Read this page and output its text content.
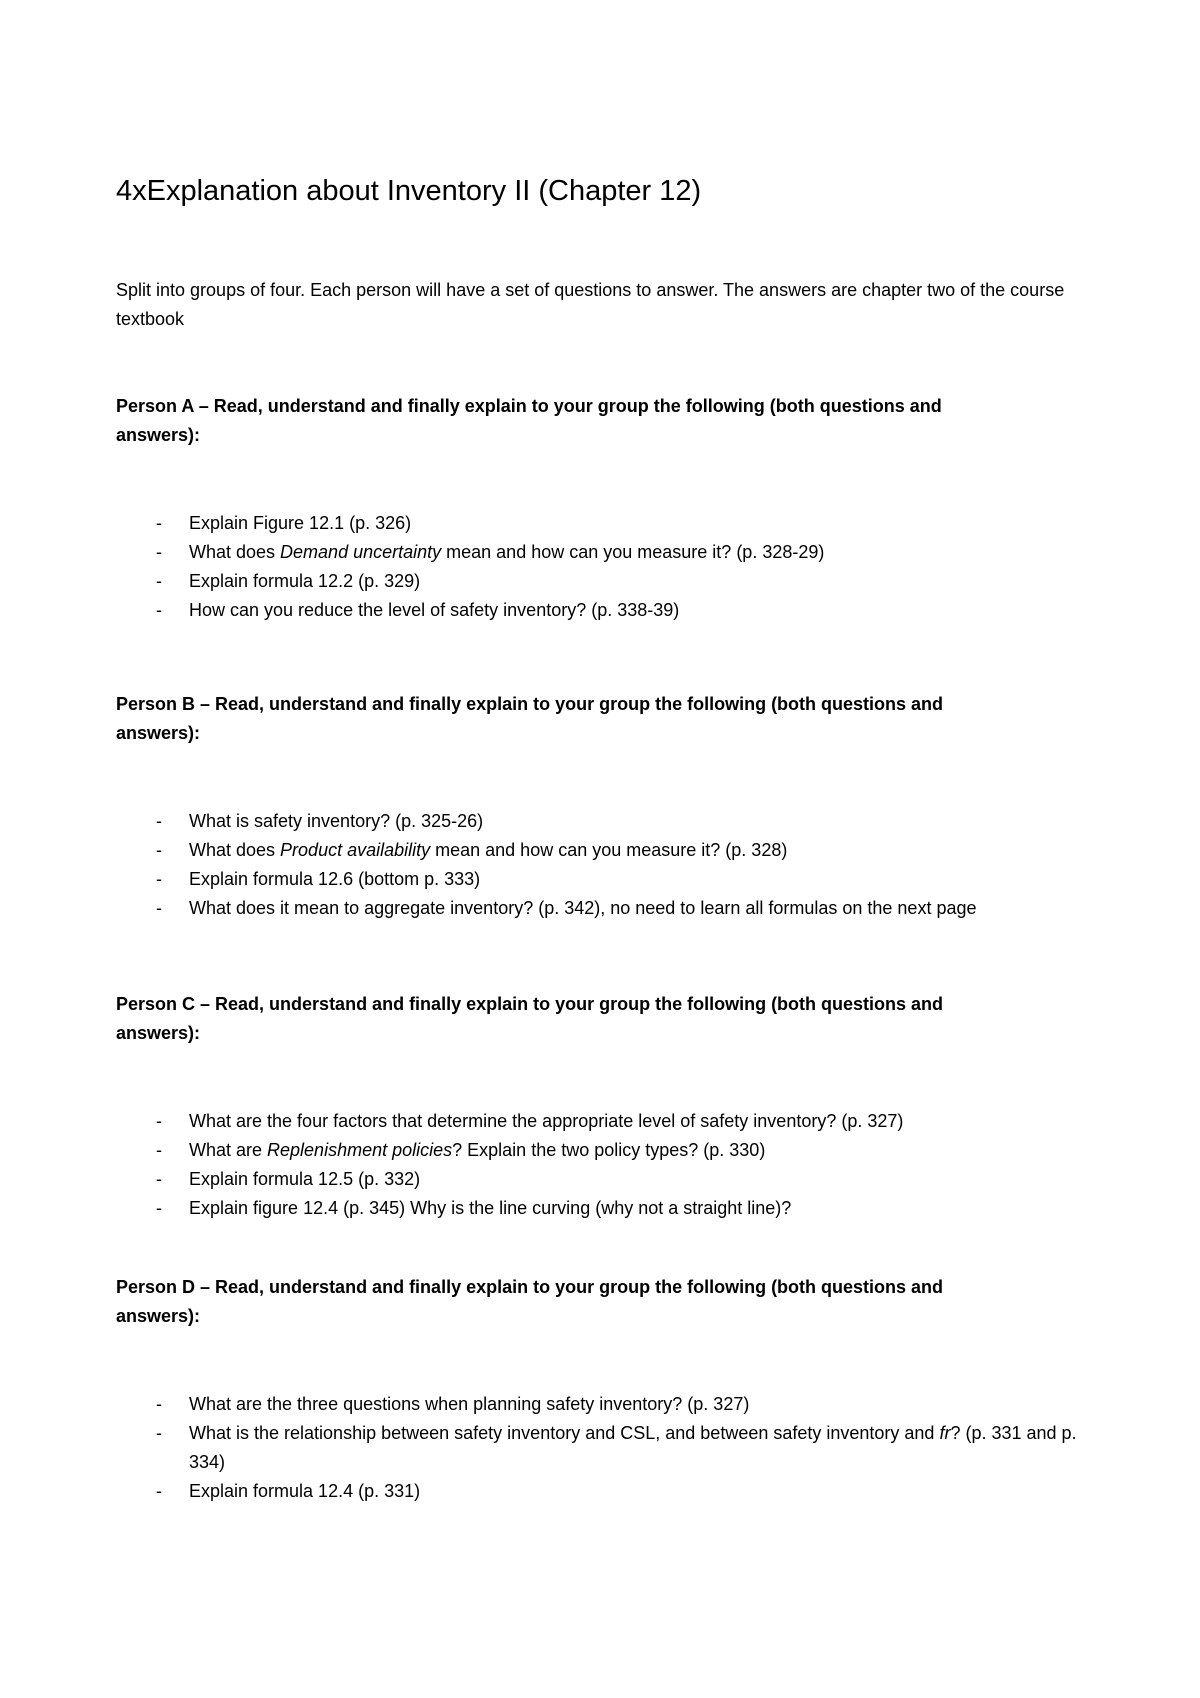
4xExplanation about Inventory II (Chapter 12)
Split into groups of four. Each person will have a set of questions to answer. The answers are chapter two of the course textbook

Person A – Read, understand and finally explain to your group the following (both questions and answers):

- Explain Figure 12.1 (p. 326)
- What does Demand uncertainty mean and how can you measure it? (p. 328-29)
- Explain formula 12.2 (p. 329)
- How can you reduce the level of safety inventory? (p. 338-39)

Person B – Read, understand and finally explain to your group the following (both questions and answers):

- What is safety inventory? (p. 325-26)
- What does Product availability mean and how can you measure it? (p. 328)
- Explain formula 12.6 (bottom p. 333)
- What does it mean to aggregate inventory? (p. 342), no need to learn all formulas on the next page

Person C – Read, understand and finally explain to your group the following (both questions and answers):

- What are the four factors that determine the appropriate level of safety inventory? (p. 327)
- What are Replenishment policies? Explain the two policy types? (p. 330)
- Explain formula 12.5 (p. 332)
- Explain figure 12.4 (p. 345) Why is the line curving (why not a straight line)?

Person D – Read, understand and finally explain to your group the following (both questions and answers):

- What are the three questions when planning safety inventory? (p. 327)
- What is the relationship between safety inventory and CSL, and between safety inventory and fr? (p. 331 and p. 334)
- Explain formula 12.4 (p. 331)
